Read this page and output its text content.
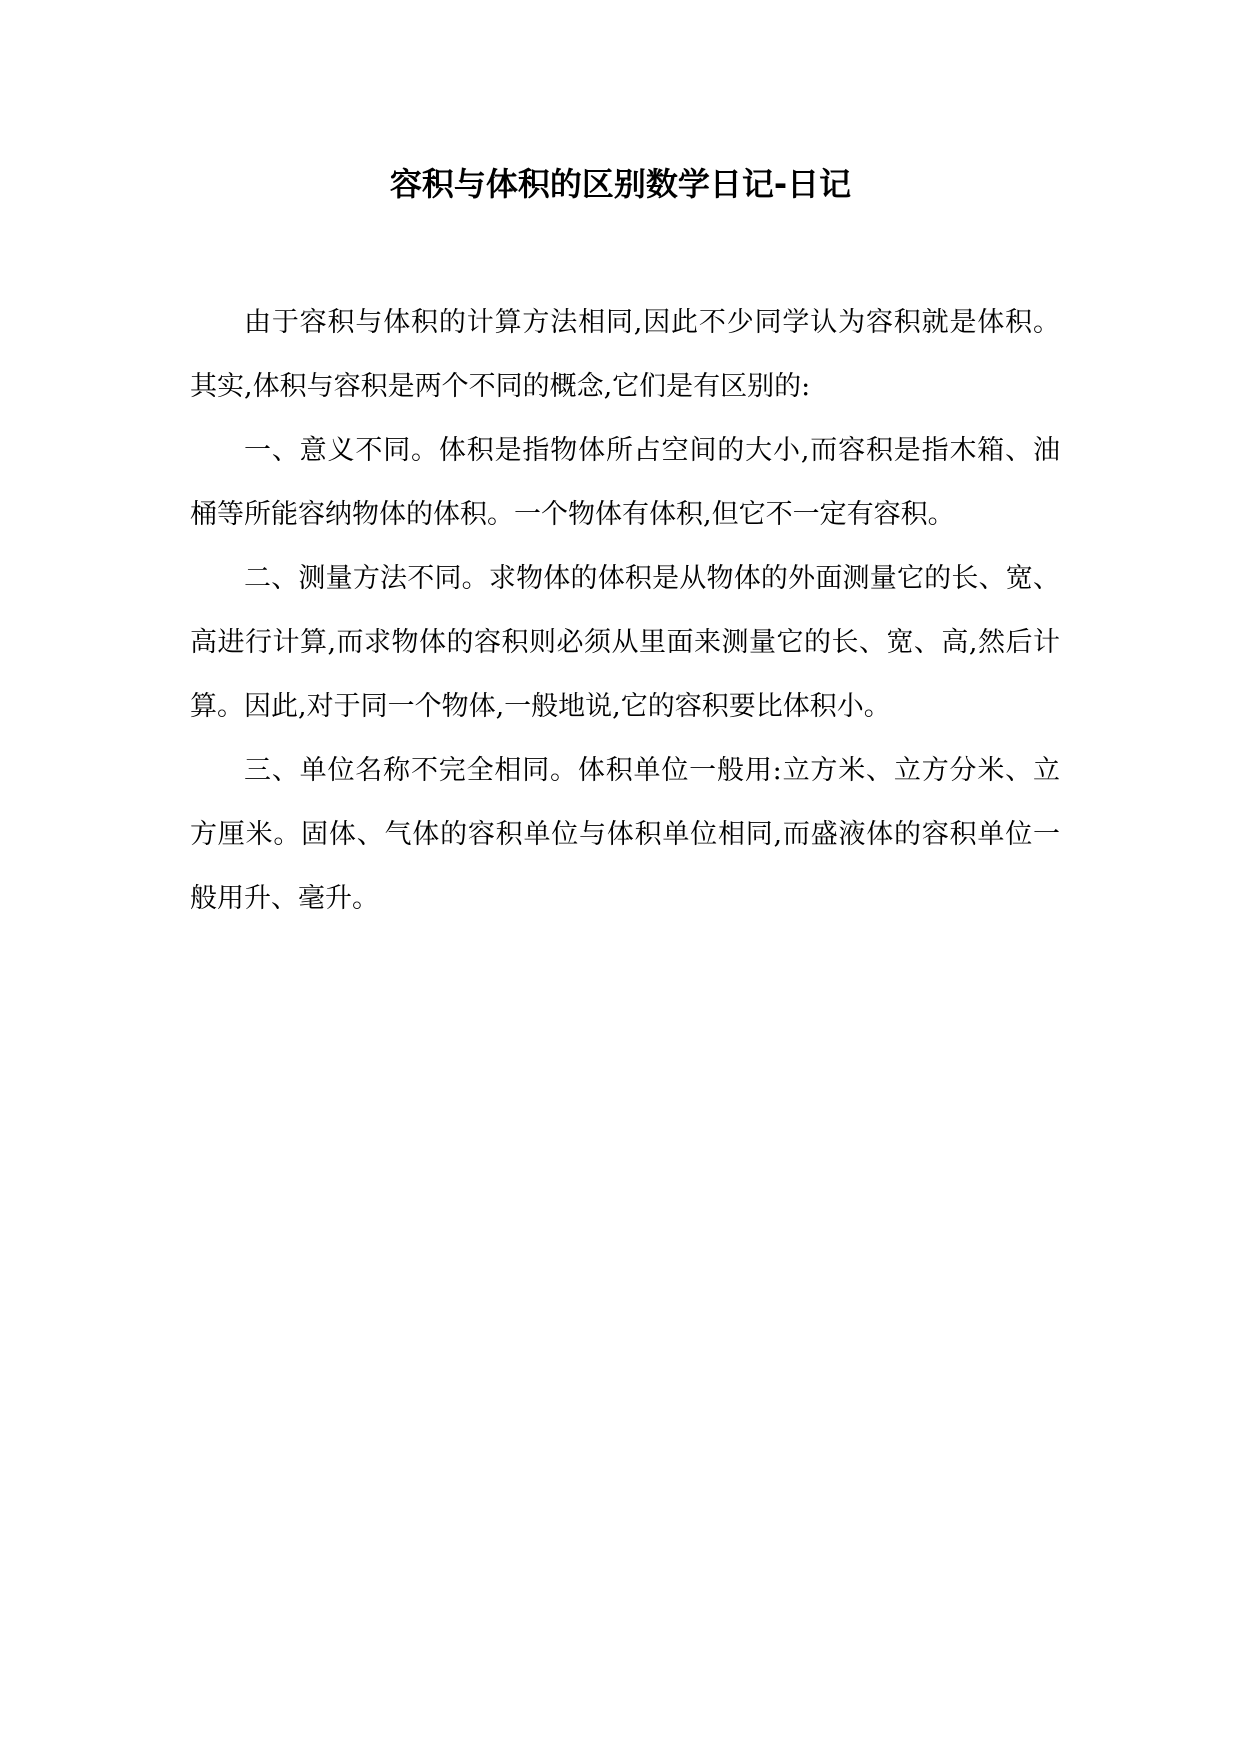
容积与体积的区别数学日记-日记

由于容积与体积的计算方法相同,因此不少同学认为容积就是体积。其实,体积与容积是两个不同的概念,它们是有区别的:

一、意义不同。体积是指物体所占空间的大小,而容积是指木箱、油桶等所能容纳物体的体积。一个物体有体积,但它不一定有容积。

二、测量方法不同。求物体的体积是从物体的外面测量它的长、宽、高进行计算,而求物体的容积则必须从里面来测量它的长、宽、高,然后计算。因此,对于同一个物体,一般地说,它的容积要比体积小。

三、单位名称不完全相同。体积单位一般用:立方米、立方分米、立方厘米。固体、气体的容积单位与体积单位相同,而盛液体的容积单位一般用升、毫升。
